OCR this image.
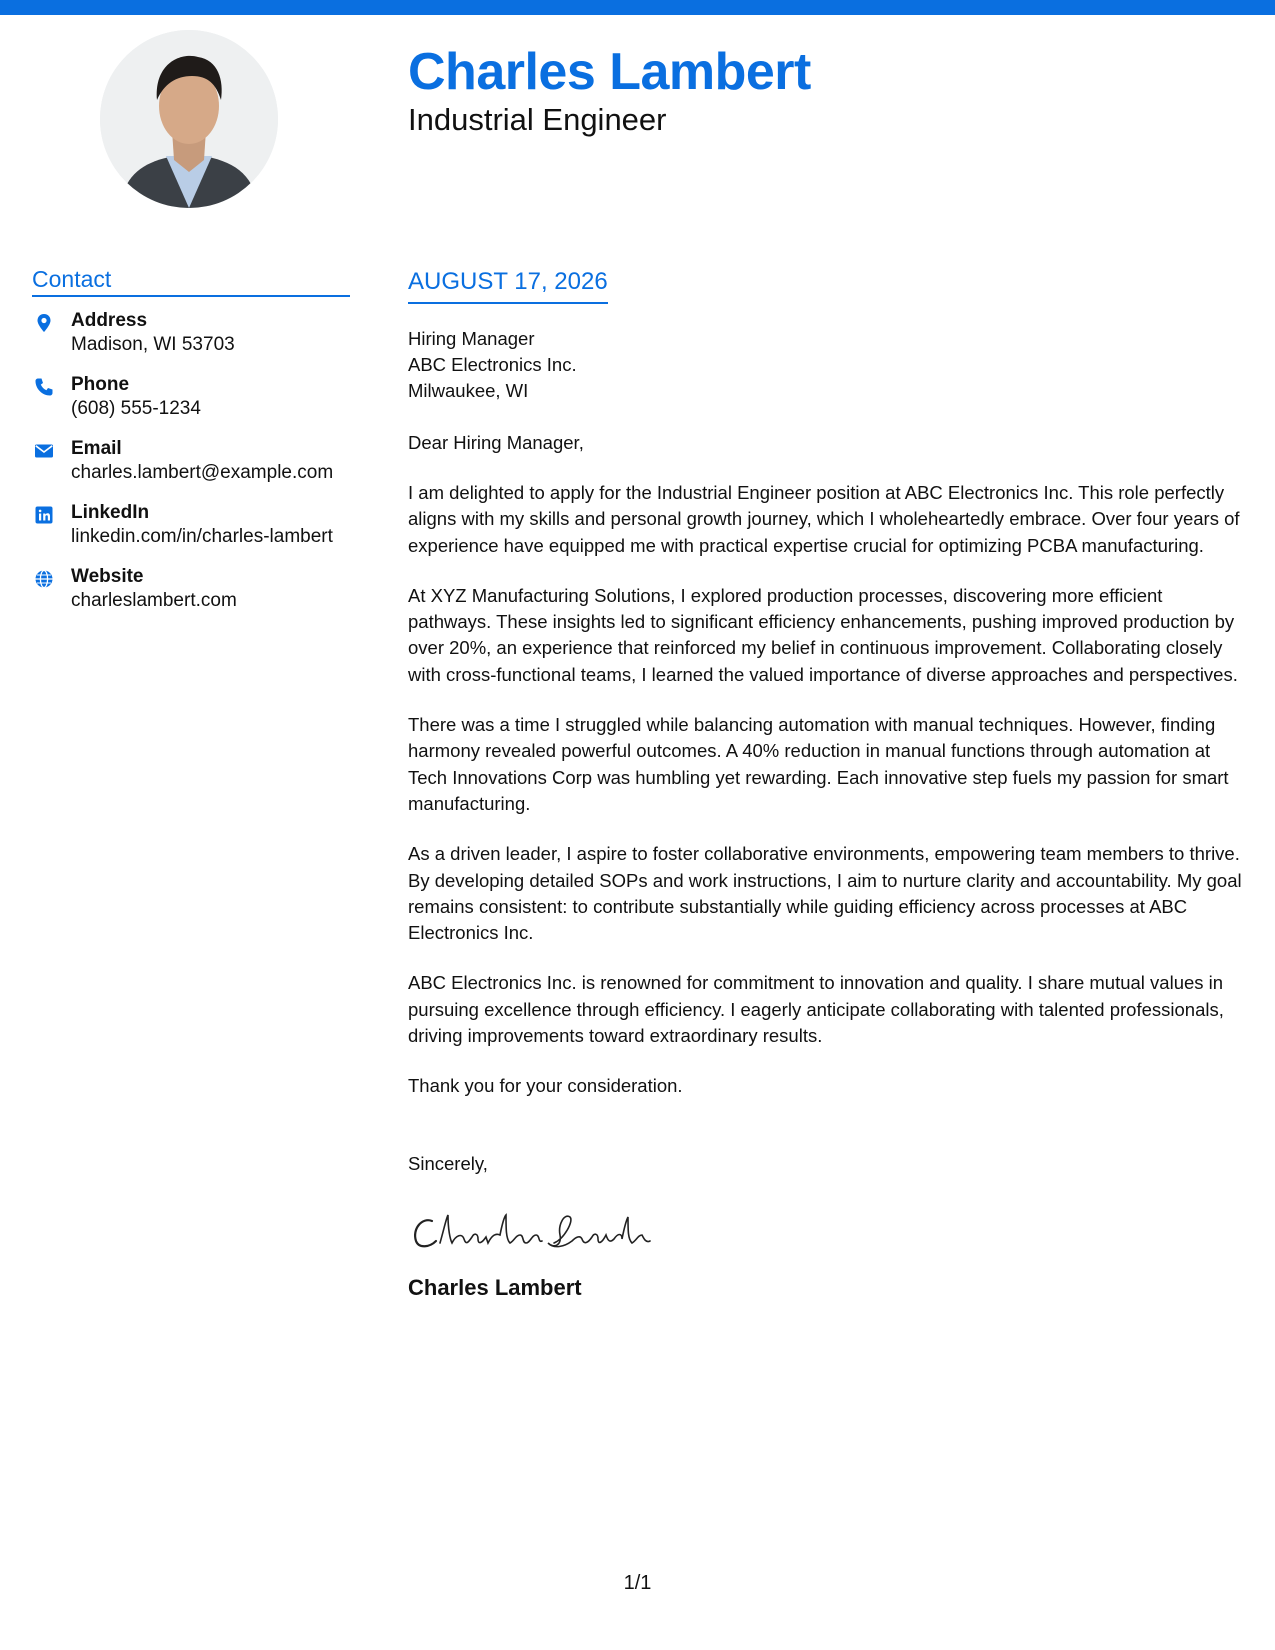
Charles Lambert
Industrial Engineer
Contact
Address
Madison, WI 53703
Phone
(608) 555-1234
Email
charles.lambert@example.com
LinkedIn
linkedin.com/in/charles-lambert
Website
charleslambert.com
AUGUST 17, 2026
Hiring Manager
ABC Electronics Inc.
Milwaukee, WI
Dear Hiring Manager,

I am delighted to apply for the Industrial Engineer position at ABC Electronics Inc. This role perfectly aligns with my skills and personal growth journey, which I wholeheartedly embrace. Over four years of experience have equipped me with practical expertise crucial for optimizing PCBA manufacturing.

At XYZ Manufacturing Solutions, I explored production processes, discovering more efficient pathways. These insights led to significant efficiency enhancements, pushing improved production by over 20%, an experience that reinforced my belief in continuous improvement. Collaborating closely with cross-functional teams, I learned the valued importance of diverse approaches and perspectives.

There was a time I struggled while balancing automation with manual techniques. However, finding harmony revealed powerful outcomes. A 40% reduction in manual functions through automation at Tech Innovations Corp was humbling yet rewarding. Each innovative step fuels my passion for smart manufacturing.

As a driven leader, I aspire to foster collaborative environments, empowering team members to thrive. By developing detailed SOPs and work instructions, I aim to nurture clarity and accountability. My goal remains consistent: to contribute substantially while guiding efficiency across processes at ABC Electronics Inc.

ABC Electronics Inc. is renowned for commitment to innovation and quality. I share mutual values in pursuing excellence through efficiency. I eagerly anticipate collaborating with talented professionals, driving improvements toward extraordinary results.

Thank you for your consideration.
Sincerely,
Charles Lambert
1/1
